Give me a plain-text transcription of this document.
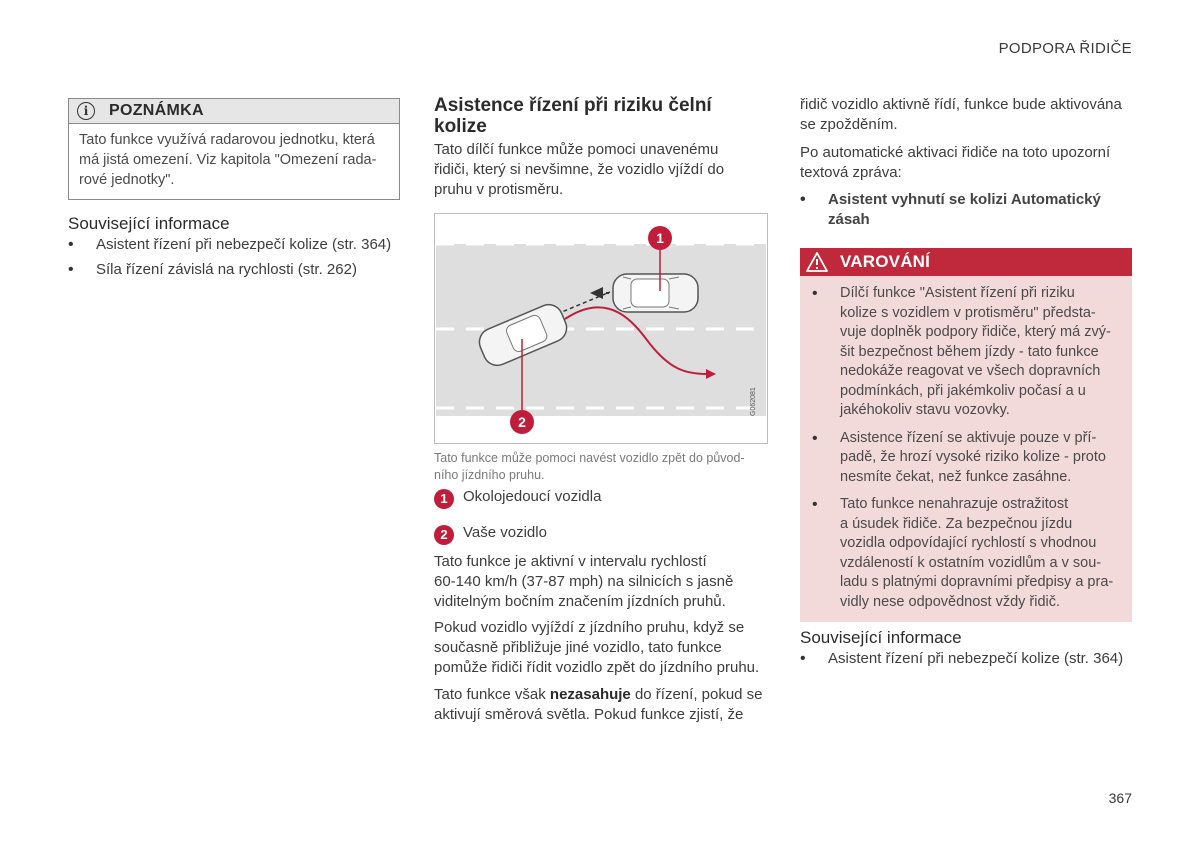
PODPORA ŘIDIČE
i	POZNÁMKA
Tato funkce využívá radarovou jednotku, která
má jistá omezení. Viz kapitola "Omezení rada-
rové jednotky".
Související informace
• Asistent řízení při nebezpečí kolize (str. 364)
• Síla řízení závislá na rychlosti (str. 262)
Asistence řízení při riziku čelní
kolize
Tato dílčí funkce může pomoci unavenému
řidiči, který si nevšimne, že vozidlo vjíždí do
pruhu v protisměru.
1
2
G062081
Tato funkce může pomoci navést vozidlo zpět do původ-
ního jízdního pruhu.
1	Okolojedoucí vozidla
2	Vaše vozidlo
Tato funkce je aktivní v intervalu rychlostí
60-140 km/h (37-87 mph) na silnicích s jasně
viditelným bočním značením jízdních pruhů.
Pokud vozidlo vyjíždí z jízdního pruhu, když se
současně přibližuje jiné vozidlo, tato funkce
pomůže řidiči řídit vozidlo zpět do jízdního pruhu.
Tato funkce však nezasahuje do řízení, pokud se
aktivují směrová světla. Pokud funkce zjistí, že
řidič vozidlo aktivně řídí, funkce bude aktivována
se zpožděním.
Po automatické aktivaci řidiče na toto upozorní
textová zpráva:
• Asistent vyhnutí se kolizi Automatický
zásah
VAROVÁNÍ
• Dílčí funkce "Asistent řízení při riziku
kolize s vozidlem v protisměru" předsta-
vuje doplněk podpory řidiče, který má zvý-
šit bezpečnost během jízdy - tato funkce
nedokáže reagovat ve všech dopravních
podmínkách, při jakémkoliv počasí a u
jakéhokoliv stavu vozovky.
• Asistence řízení se aktivuje pouze v pří-
padě, že hrozí vysoké riziko kolize - proto
nesmíte čekat, než funkce zasáhne.
• Tato funkce nenahrazuje ostražitost
a úsudek řidiče. Za bezpečnou jízdu
vozidla odpovídající rychlostí s vhodnou
vzdáleností k ostatním vozidlům a v sou-
ladu s platnými dopravními předpisy a pra-
vidly nese odpovědnost vždy řidič.
Související informace
• Asistent řízení při nebezpečí kolize (str. 364)
367
